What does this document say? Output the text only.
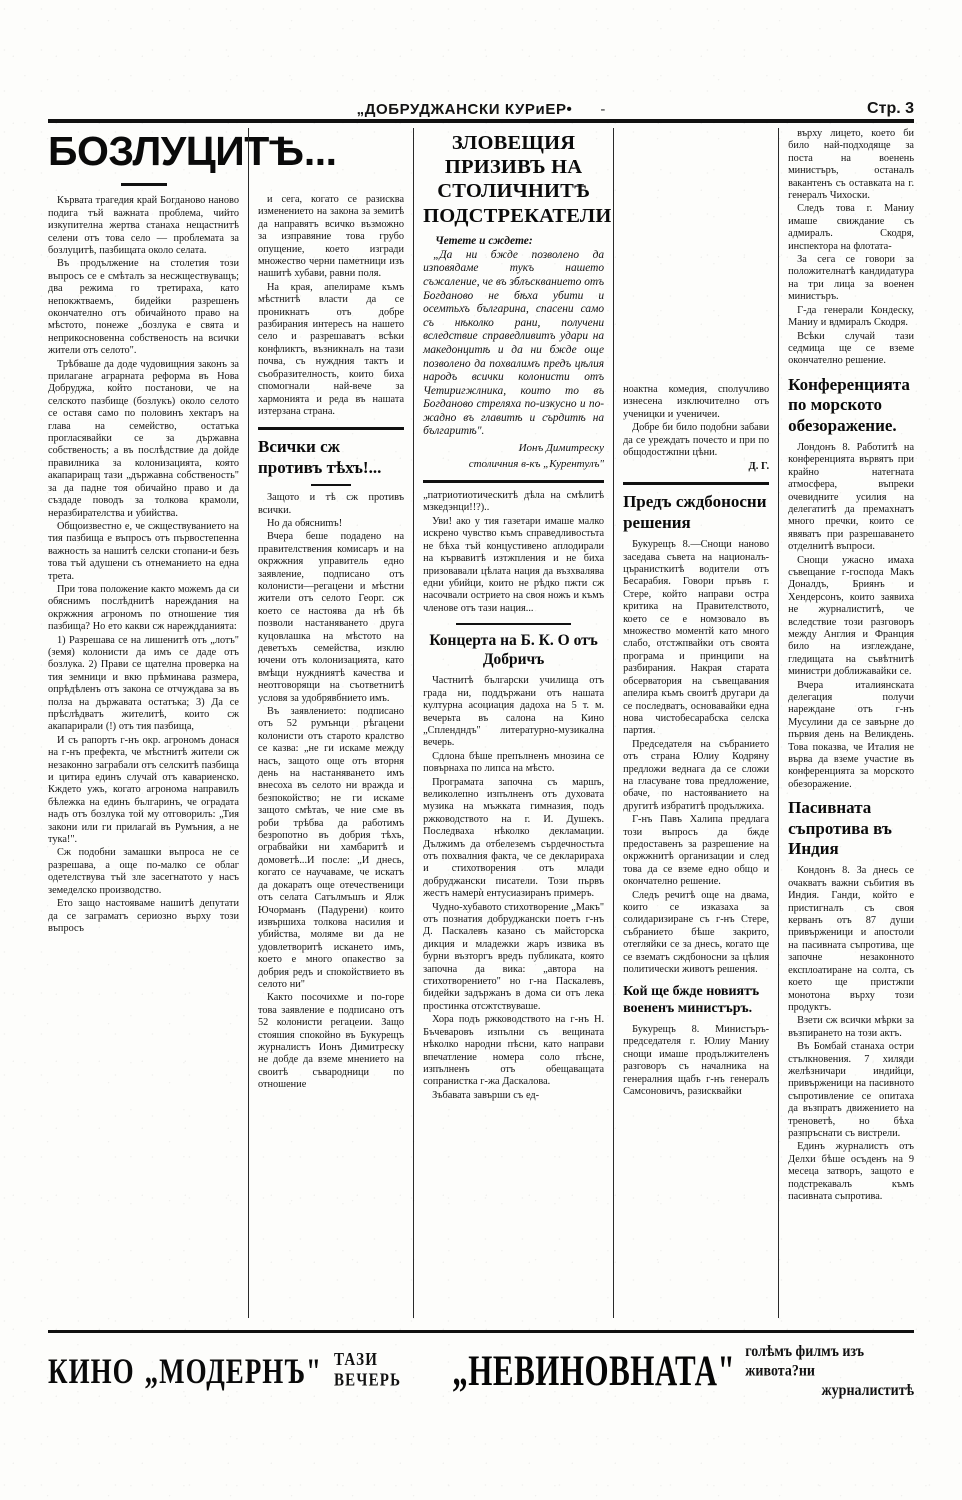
„ДОБРУДЖАНСКИ КУРиЕР• -	Стр. 3
БОЗЛУЦИТѢ...

Кървата трагедия край Богданово наново подига тъй важната проблема, чийто изкупителна жертва станаха нещастнитѣ селени отъ това село — проблемата за бозлуцитѣ, пазбищата около селата.

Въ продължение на столетия този въпросъ се е смѣталъ за несжществуващъ; два режима го третираха, като непокжтваемъ, бидейки разрешенъ окончателно отъ обичайното право на мѣстото, понеже „бозлука е свята и неприкосновенна собственость на всички жители отъ селото".

Трѣбваше да доде чудовищния законъ за прилагане аграрната реформа въ Нова Добруджа, който постанови, че на селското пазбище (бозлукъ) около селото се оставя само по половинъ хектаръ на глава на семейство, остатъка прогласявайки се за държавна собственость; а въ послѣдствие да дойде правилника за колонизацията, която акапариращ тази „държавна собственость" за да падне тоя обичайно право и да създаде поводъ за толкова крамоли, неразбирателства и убийства.

Общоизвестно е, че сжществуванието на тия пазбища е въпросъ отъ първостепенна важность за нашитѣ селски стопани-и безъ това тъй адушени съ отнеманието на една трета.

При това положение както можемъ да си обяснимъ послѣднитѣ нареждания на окржжния агрономъ по отношение тия пазбища? Но ето какви сж нареждданията:

1) Разрешава се на лишенитѣ отъ „лотъ" (земя) колонисти да имъ се даде отъ бозлука. 2) Прави се щателна проверка на тия земници и вкю прѣминава размера, опрѣдѣленъ отъ закона се отчуждава за въ полза на държавата остатъка; 3) Да се прѣслѣдватъ жителитѣ, които сж акапарирали (!) отъ тия пазбища,

И съ рапортъ г-нъ окр. агрономъ донася на г-нъ префекта, че мѣстнитѣ жители сж незаконно заграбали отъ селскитѣ пазбища и цитира единъ случай отъ кавариенско. Кждето ужъ, когато агронома направилъ бѣлежка на единъ българинъ, че оградата надъ отъ бозлука той му отговорилъ: „Тия закони или ги прилагай въ Румъния, а не тука!".

Сж подобни замашки въпроса не се разрешава, а още по-малко се облаг одетелствува тъй зле засегнатото у насъ земеделско производство.

Ето защо настояваме нашитѣ депутати да се заграматъ сериозно върху този въпросъ

и сега, когато се разисква изменението на закона за земитѣ да направятъ всичко възможно за изправяние това грубо опущение, което изгради множество черни паметници изъ нашитѣ хубави, равни поля.

На края, апелираме къмъ мѣстнитѣ власти да се проникнатъ отъ добре разбирания интересъ на нашето село и разрешаватъ всѣки конфликтъ, възникналъ на тази почва, съ нуждния тактъ и съобразителность, които биха спомогнали най-вече за хармонията и реда въ нашата изтерзана страна.

Всички сж противъ тѣхъ!...

Защото и тѣ сж противъ всички.

Но да обясниmъ!

Вчера беше подадено на правителствения комисаръ и на окржжния управитель едно заявление, подписано отъ колонисти—регацени и мѣстни жители отъ селото Георг. сж което се настоява да нѣ бѣ позволи настаняването друга куцовлашка на мѣстото на деветъхъ семейства, изклю ючени отъ колонизацията, като вмѣщи нуждниятѣ качества и неотговорящи на съответнитѣ условя за удобрявбнието имъ.

Въ заявлението: подписано отъ 52 румънци рѣгацени колонисти отъ старото кралство се казва: „не ги искаме между насъ, защото още отъ вторня день на настаняването имъ внесоха въ селото ни вражда и безпокойство; не ги искаме защото смѣтаъ, че ние сме въ роби трѣбва да работимъ безропотно въ добрия тѣхъ, ограбвайки ни хамбаритѣ и домоветѣ...И после: „И днесь, когато се научаваме, че искатъ да докаратъ още отечественици отъ селата Сатълмъшъ и Ялж Ючорманъ (Падурени) които извършиха толкова насилия и убийства, моляме ви да не удовлетворитѣ искането имъ, което е много опакество за добрия редъ и спокойствието въ селото ни"

Както посочихме и по-горе това заявление е подписано отъ 52 колонисти регацеии. Защо стояшия спокойно въ Букурещъ журналистъ Ионъ Димитреску не добде да вземе мнението на своитѣ съвародници по отношение

ЗЛОВЕЩИЯ ПРИЗИВЪ НА СТОЛИЧНИТѢ ПОДСТРЕКАТЕЛИ

Четете и сждете:

„Да ни бжде позволено да изповядаме тукъ нашето съжаление, че въ зблъскванието отъ Богданово не бѣха убити и осемтьхъ българина, спасени само съ нѣколко рани, получени вследствие справедливитъ удари на македонцитѣ и да ни бжде още позволено да похвалимъ предъ цѣлия народъ всички колонисти отъ Четиригжлника, които то въ Богданово стреляха по-изкусно и по-жадно въ главитѣ и сърдитѣ на българитѣ".

Ионъ Димитреску

столичния в-къ „Курентулъ"

„патриотиотическитѣ дѣла на смѣлитѣ мзкедэнци!!?)..

Уви! ако у тия газетари имаше малко искрено чувство къмъ справедливостьта не бѣха тъй концустивено аплодирали на кървавитѣ изтжпления и не биха призовавали цѣлата нация да възхвалява едни убийци, които не рѣдко пжти сж насочвали острието на своя ножъ и къмъ членове отъ тази нация...

Концерта на Б. К. О отъ Добричъ

Частнитѣ български училища отъ града ни, поддържани отъ нашата културна асоциация дадоха на 5 т. м. вечерьта въ салона на Кино „Сплендндъ" литературно-музикална вечерь.

Сдлона бѣше препълненъ мнозина се повърнаха по липса на мѣсто.

Програмата започна съ маршъ, великолепно изпълненъ отъ духовата музика на мъжката гимназия, подъ ржководството на г. И. Душекъ. Последваха нѣколко декламации. Дължимъ да отбелеземъ сърдечностьта отъ похвалния факта, че се декларираха и стихотворения отъ млади добруджански писатели. Този първъ жестъ намерѝ ентусиазиранъ примеръ.

Чудно-хубавото стихотворение „Макъ" отъ познатия добруджански поетъ г-нъ Д. Паскалевъ казано съ майсторска дикция и младежки жаръ извика въ бурни възторгъ вредъ публиката, която започна да вика: „автора на стихотворението" но г-на Паскалевъ, бидейки задържанъ в дома си отъ лека простинка отсжтствуваше.

Хора подъ ржководството на г-нъ Н. Бъчеваровъ изпълни съ вещината нѣколко народни пѣсни, като направи впечатление номера соло пѣсне, изпълненъ отъ обещаващата сопранистка г-жа Даскалова.

Зъбавата завърши съ ед-

ноактна комедия, сполучливо изнесена изключително отъ ученицки и ученичеи.

Добре би било подобни забави да се уреждатъ почесто и при по общодостжпни цѣни.

Д. Г.

Предъ сждбоносни решения

Букурещъ 8.—Снощи наново заседава съвета на националъ-църанисткитѣ водители отъ Бесарабия. Говори пръвъ г. Стере, който направи остра критика на Правителството, което се е номзовало въ множество моментй като много слабо, отстжпвайки отъ своята програма и принципи на разбирания. Накрая старата обсерватория на съвещавания апелира къмъ своитѣ другари да се последватъ, основавайки една нова чистобесарабска селска партия.

Председателя на събранието отъ страна Юлиу Кодряну предложи веднага да се сложи на гласуване това предложение, обаче, по настояванието на другитѣ избратитѣ продължиха.

Г-нъ Павъ Халипа предлага този въпросъ да бжде предоставенъ за разрешение на окржжнитѣ организации и след това да се вземе едно общо и окончателно решение.

Следъ речитѣ още на двама, които се изказаха за солидаризиране съ г-нъ Стере, събранието бѣше закрито, отегляйки се за днесь, когато ще се взематъ сждбоносни за цѣлия политически животъ решения.

Кой ще бжде новиятъ воененъ министъръ.

Букурещъ 8. Министъръ-председателя г. Юлиу Маниу снощи имаше продължителенъ разговоръ съ началника на генералния щабъ г-нъ генералъ Самсоновичъ, разисквайки

върху лицето, което би било най-подходяще за поста на военень министъръ, останалъ вакантенъ съ оставката на г. генералъ Чихоски.

Следъ това г. Маниу имаше свиждание съ адмиралъ. Скодря, инспектора на флотата-

За сега се говори за положителнатѣ кандидатура на три лица за военен министъръ.

Г-да генерали Кондеску, Маниу и вдмиралъ Скодря.

Всѣки случай тази седмица ще се вземе окончателно решение.

Конференцията по морското обезоражение.

Лондонъ 8. Работитѣ на конференцията вървятъ при крайно натегната атмосфера, въпреки очевидните усилия на делегатитѣ да премахнатъ много пречки, които се явяватъ при разрешаването отделнитѣ въпроси.

Снощи ужасно имаха съвещание г-господа Макъ Доналдъ, Бриянъ и Хендерсонъ, които заявиха не журналиститѣ, че вследствие този разговоръ между Англия и Франция било на изглеждане, гледищата на съвѣтнитѣ министри доближавайки се.

Вчера италиянската делегация получи нареждане отъ г-нъ Мусулини да се завърне до първия день на Великдень. Това показва, че Италия не върва да вземе участие въ конференцията за морското обезоражение.

Пасивната съпротива въ Индия

Кондонъ 8. За днесь се очакватъ важни събития въ Индия. Ганди, който е пристигналъ съ своя керванъ отъ 87 души привърженици и апостоли на пасивната съпротива, ще започне незаконното експлоатиране на солта, съ което ще пристжпи монотона върху този продуктъ.

Взети сж всички мѣрки за възпирането на този актъ.

Въ Бомбай станаха остри стълкновения. 7 хиляди желѣзничари индийци, привърженици на пасивното съпротивление се опитаха да възпратъ движението на треноветѣ, но бѣха разпръснати съ вистрели.

Единъ журналистъ отъ Делхи бѣше осъденъ на 9 месеца затворъ, защото е подстрекавалъ къмъ пасивната съпротива.

КИНО „МОДЕРНЪ" ТАЗИ ВЕЧЕРЬ	„НЕВИНОВНАТА" голѣмъ филмъ изъ живота?ни
журналиститѣ
